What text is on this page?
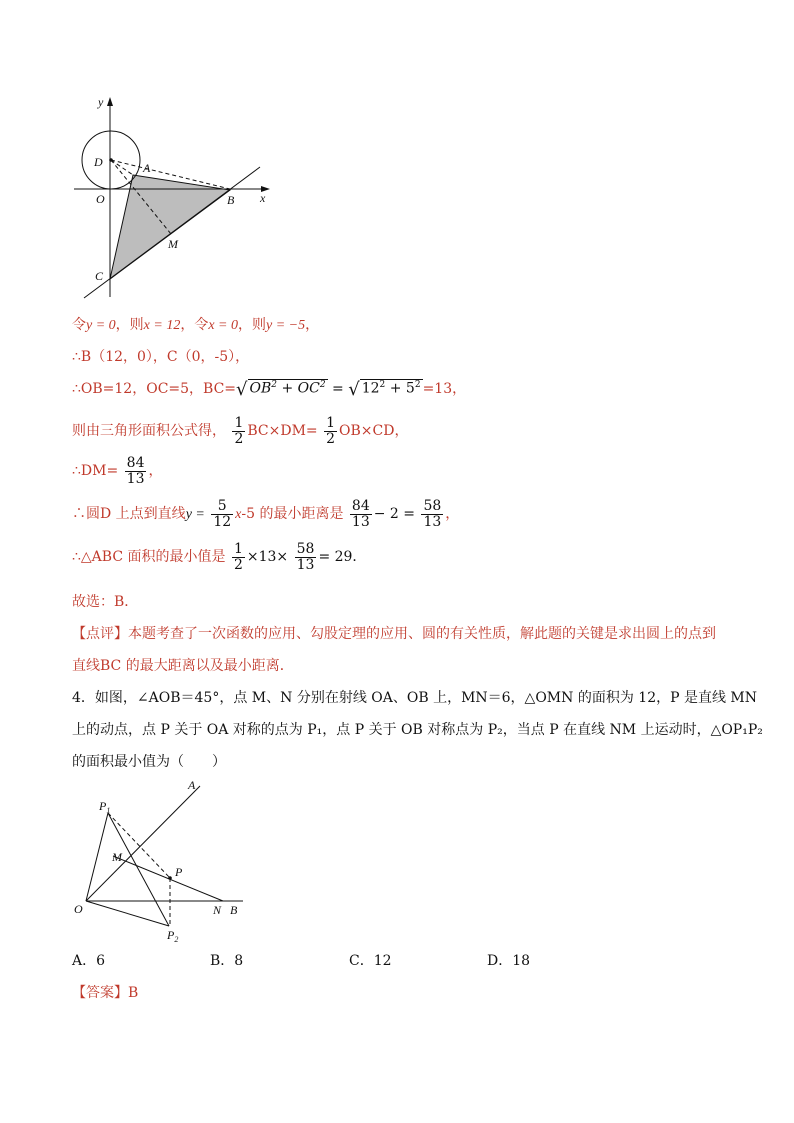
y
x
D	A
O	B
M
C
令y = 0，则x = 12，令x = 0，则y = −5，
∴B（12，0），C（0，-5），
∴OB=12，OC=5，BC=√ $OB^2 + OC^2$ = √ $12^2 + 5^2 =13$，
则由三角形面积公式得， $\frac{1}{2} BC\times DM= \frac{1}{2} OB\times CD$，
∴DM= $\frac{84}{13}$ ，
∴圆D 上点到直线$y = \frac{5}{12} x-5$ 的最小距离是 $\frac{84}{13} - 2 = \frac{58}{13}$ ，
∴△ABC 面积的最小值是 $\frac{1}{2} \times 13\times \frac{58}{13} = 29$．
故选：B．
【点评】本题考查了一次函数的应用、勾股定理的应用、圆的有关性质，解此题的关键是求出圆上的点到
直线BC 的最大距离以及最小距离．
4．如图，∠AOB＝45°，点 M、N 分别在射线 OA、OB 上，MN＝6，△OMN 的面积为 12，P 是直线 MN
上的动点，点 P 关于 OA 对称的点为 P₁，点 P 关于 OB 对称点为 P₂，当点 P 在直线 NM 上运动时，△OP₁P₂
的面积最小值为（　　）
A
$P_1$
M
P
O	N B
$P_2$
A．6	B．8	C．12	D．18
【答案】B
